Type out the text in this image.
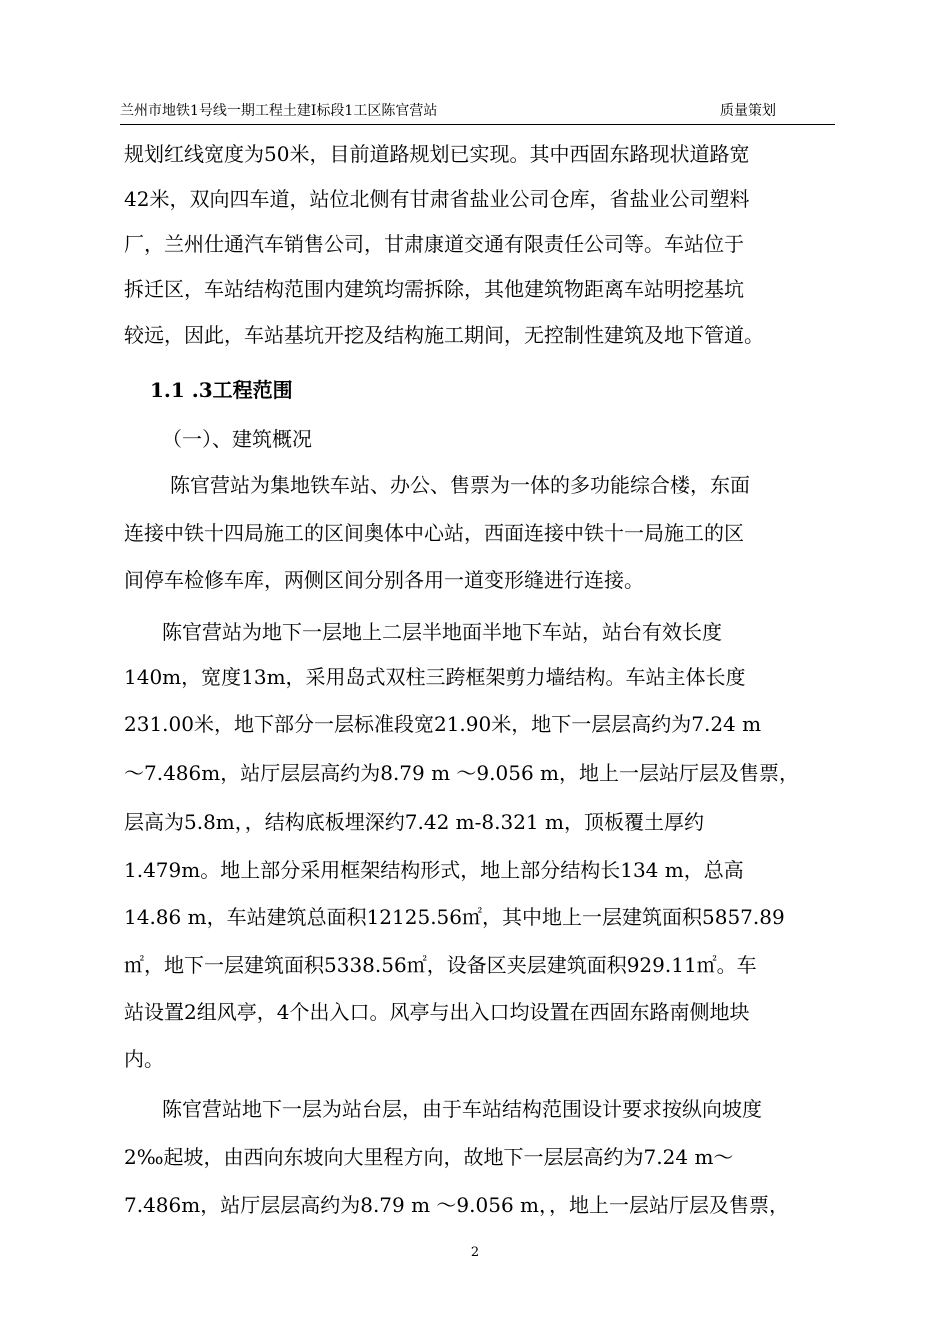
兰州市地铁1号线一期工程土建Ⅰ标段1工区陈官营站	质量策划
规划红线宽度为50米，目前道路规划已实现。其中西固东路现状道路宽
42米，双向四车道，站位北侧有甘肃省盐业公司仓库，省盐业公司塑料
厂，兰州仕通汽车销售公司，甘肃康道交通有限责任公司等。车站位于
拆迁区，车站结构范围内建筑均需拆除，其他建筑物距离车站明挖基坑
较远，因此，车站基坑开挖及结构施工期间，无控制性建筑及地下管道。
1.1 .3工程范围
（一）、建筑概况
陈官营站为集地铁车站、办公、售票为一体的多功能综合楼，东面
连接中铁十四局施工的区间奥体中心站，西面连接中铁十一局施工的区
间停车检修车库，两侧区间分别各用一道变形缝进行连接。
陈官营站为地下一层地上二层半地面半地下车站，站台有效长度
140m，宽度13m，采用岛式双柱三跨框架剪力墙结构。车站主体长度
231.00米，地下部分一层标准段宽21.90米，地下一层层高约为7.24 m
～7.486m，站厅层层高约为8.79 m ～9.056 m，地上一层站厅层及售票，
层高为5.8m，，结构底板埋深约7.42 m-8.321 m，顶板覆土厚约
1.479m。地上部分采用框架结构形式，地上部分结构长134 m，总高
14.86 m，车站建筑总面积12125.56㎡，其中地上一层建筑面积5857.89
㎡，地下一层建筑面积5338.56㎡，设备区夹层建筑面积929.11㎡。车
站设置2组风亭，4个出入口。风亭与出入口均设置在西固东路南侧地块
内。
陈官营站地下一层为站台层，由于车站结构范围设计要求按纵向坡度
2‰起坡，由西向东坡向大里程方向，故地下一层层高约为7.24 m～
7.486m，站厅层层高约为8.79 m ～9.056 m，，地上一层站厅层及售票，
2
